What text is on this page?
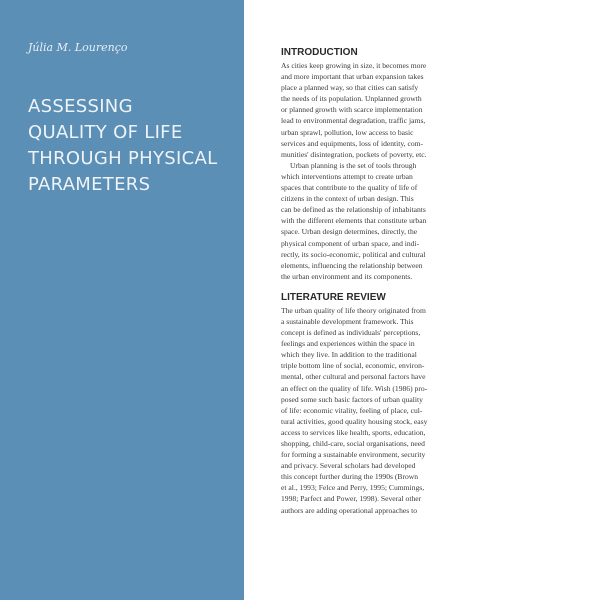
Júlia M. Lourenço
ASSESSING
QUALITY OF LIFE
THROUGH PHYSICAL
PARAMETERS
INTRODUCTION

As cities keep growing in size, it becomes more
and more important that urban expansion takes
place a planned way, so that cities can satisfy
the needs of its population. Unplanned growth
or planned growth with scarce implementation
lead to environmental degradation, traffic jams,
urban sprawl, pollution, low access to basic
services and equipments, loss of identity, com-
munities' disintegration, pockets of poverty, etc.

Urban planning is the set of tools through
which interventions attempt to create urban
spaces that contribute to the quality of life of
citizens in the context of urban design. This
can be defined as the relationship of inhabitants
with the different elements that constitute urban
space. Urban design determines, directly, the
physical component of urban space, and indi-
rectly, its socio-economic, political and cultural
elements, influencing the relationship between
the urban environment and its components.

LITERATURE REVIEW

The urban quality of life theory originated from
a sustainable development framework. This
concept is defined as individuals' perceptions,
feelings and experiences within the space in
which they live. In addition to the traditional
triple bottom line of social, economic, environ-
mental, other cultural and personal factors have
an effect on the quality of life. Wish (1986) pro-
posed some such basic factors of urban quality
of life: economic vitality, feeling of place, cul-
tural activities, good quality housing stock, easy
access to services like health, sports, education,
shopping, child-care, social organisations, need
for forming a sustainable environment, security
and privacy. Several scholars had developed
this concept further during the 1990s (Brown
et al., 1993; Felce and Perry, 1995; Cummings,
1998; Parfect and Power, 1998). Several other
authors are adding operational approaches to
